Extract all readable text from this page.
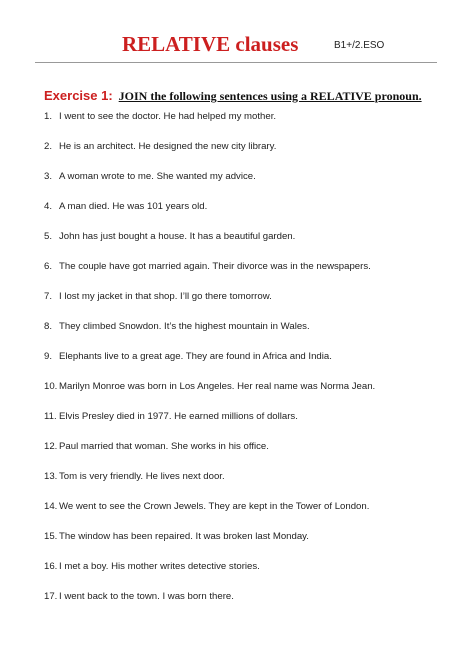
RELATIVE clauses	B1+/2.ESO
Exercise 1: JOIN the following sentences using a RELATIVE pronoun.
1. I went to see the doctor. He had helped my mother.
2. He is an architect. He designed the new city library.
3. A woman wrote to me. She wanted my advice.
4. A man died. He was 101 years old.
5. John has just bought a house. It has a beautiful garden.
6. The couple have got married again. Their divorce was in the newspapers.
7. I lost my jacket in that shop. I’ll go there tomorrow.
8. They climbed Snowdon. It’s the highest mountain in Wales.
9. Elephants live to a great age. They are found in Africa and India.
10. Marilyn Monroe was born in Los Angeles. Her real name was Norma Jean.
11. Elvis Presley died in 1977. He earned millions of dollars.
12. Paul married that woman. She works in his office.
13. Tom is very friendly. He lives next door.
14. We went to see the Crown Jewels. They are kept in the Tower of London.
15. The window has been repaired. It was broken last Monday.
16. I met a boy. His mother writes detective stories.
17. I went back to the town. I was born there.
